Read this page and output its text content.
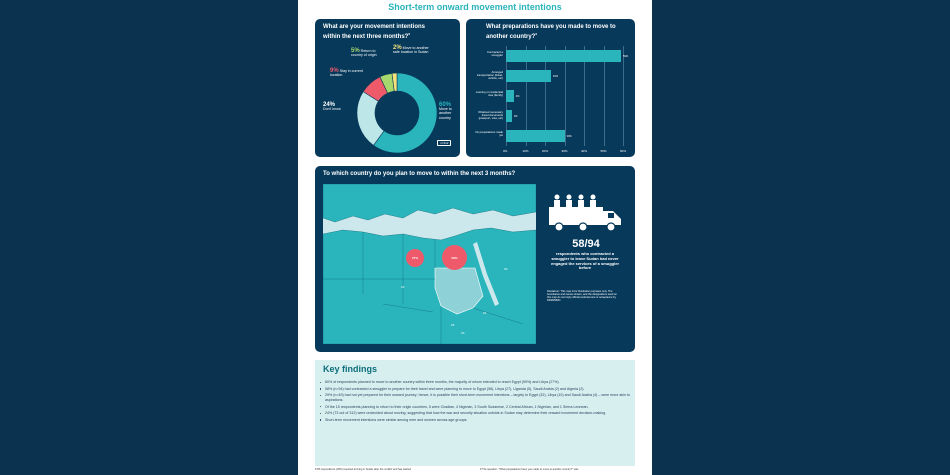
Short-term onward movement intentions
What are your movement intentions within the next three months?$^8$
2% Move to another safe location in Sudan
5% Return to country of origin
9% Stay in current location
24%
Don't know
60%
Move to another country
n=312
What preparations have you made to move to another country?$^9$
0%	10%	20%	30%	40%	50%	60%
Contracted a smuggler	59%
Arranged transportation (ticket, vehicle, etc)
23%
Leaving on residential visa (family)	4%
Obtained necessary travel documents (passport, visa, etc)
3%
No preparations made yet	30%
To which country do you plan to move to within the next 3 months?
27%	59%
3%
2%
2%
2%
2%
58/94
respondents who contracted a smuggler to leave Sudan had never engaged the services of a smuggler before
Disclaimer: This map is for illustration purposes only. The boundaries and names shown, and the designations used on this map do not imply official endorsement or acceptance by DRMI/MMC.
Key findings
60% of respondents planned to move to another country within three months, the majority of whom intended to reach Egypt (59%) and Libya (27%).
58% (n=94) had contracted a smuggler to prepare for their travel and were planning to move to Egypt (58), Libya (27), Uganda (5), Saudi Arabia (2) and Algeria (2).
29% (n=49) had not yet prepared for their onward journey; hence, it is possible their short-term movement intentions – largely to Egypt (32), Libya (10) and Saudi Arabia (4) – were more akin to aspirations.
Of the 15 respondents planning to return to their origin countries, 5 were Chadian, 4 Nigerian, 3 South Sudanese, 2 Central African, 1 Nigerian, and 1 Sierra Leonean.
24% (73 out of 312) were undecided about moving, suggesting that how the war and security situation unfolds in Sudan may determine their onward movement decision-making.
Short-term movement intentions were similar among men and women across age groups.
8 55 respondents (18%) reported arriving in Sudan after the conflict and has started	9 The question: "What preparations have you made to move to another country?" was
